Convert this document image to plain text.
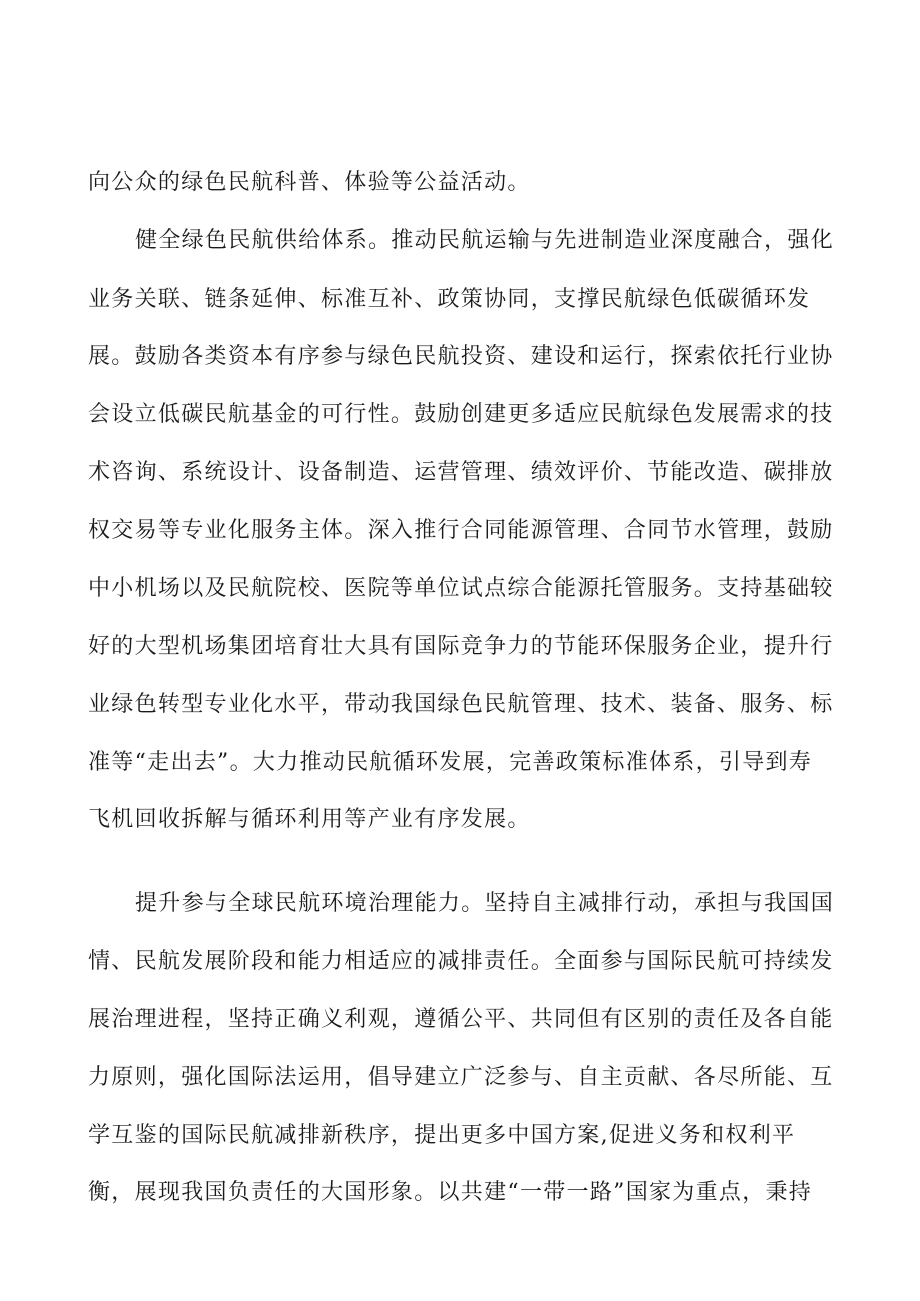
向公众的绿色民航科普、体验等公益活动。
健全绿色民航供给体系。推动民航运输与先进制造业深度融合，强化
业务关联、链条延伸、标准互补、政策协同，支撑民航绿色低碳循环发
展。鼓励各类资本有序参与绿色民航投资、建设和运行，探索依托行业协
会设立低碳民航基金的可行性。鼓励创建更多适应民航绿色发展需求的技
术咨询、系统设计、设备制造、运营管理、绩效评价、节能改造、碳排放
权交易等专业化服务主体。深入推行合同能源管理、合同节水管理，鼓励
中小机场以及民航院校、医院等单位试点综合能源托管服务。支持基础较
好的大型机场集团培育壮大具有国际竞争力的节能环保服务企业，提升行
业绿色转型专业化水平，带动我国绿色民航管理、技术、装备、服务、标
准等“走出去”。大力推动民航循环发展，完善政策标准体系，引导到寿
飞机回收拆解与循环利用等产业有序发展。
提升参与全球民航环境治理能力。坚持自主减排行动，承担与我国国
情、民航发展阶段和能力相适应的减排责任。全面参与国际民航可持续发
展治理进程，坚持正确义利观，遵循公平、共同但有区别的责任及各自能
力原则，强化国际法运用，倡导建立广泛参与、自主贡献、各尽所能、互
学互鉴的国际民航减排新秩序，提出更多中国方案,促进义务和权利平
衡，展现我国负责任的大国形象。以共建“一带一路”国家为重点，秉持
